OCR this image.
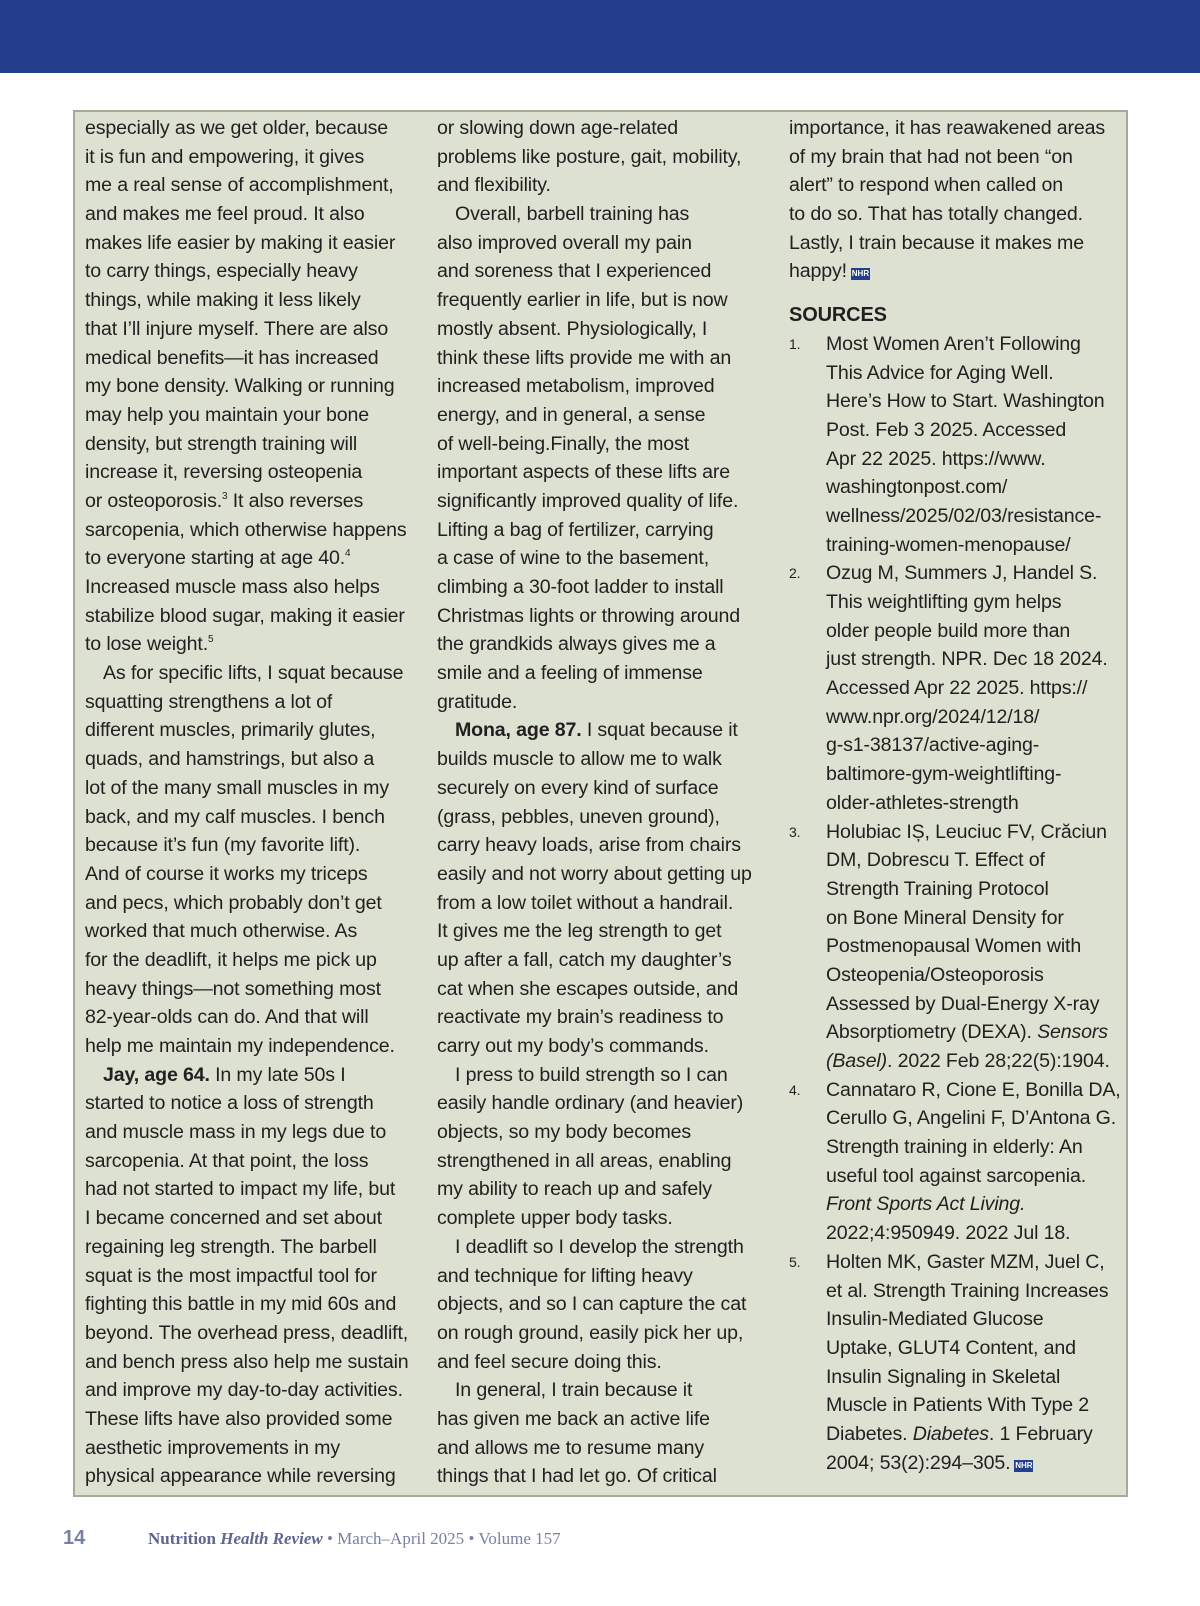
especially as we get older, because
it is fun and empowering, it gives
me a real sense of accomplishment,
and makes me feel proud. It also
makes life easier by making it easier
to carry things, especially heavy
things, while making it less likely
that I’ll injure myself. There are also
medical benefits—it has increased
my bone density. Walking or running
may help you maintain your bone
density, but strength training will
increase it, reversing osteopenia
or osteoporosis.$^3$ It also reverses
sarcopenia, which otherwise happens
to everyone starting at age 40.$^4$
Increased muscle mass also helps
stabilize blood sugar, making it easier
to lose weight.$^5$
As for specific lifts, I squat because
squatting strengthens a lot of
different muscles, primarily glutes,
quads, and hamstrings, but also a
lot of the many small muscles in my
back, and my calf muscles. I bench
because it’s fun (my favorite lift).
And of course it works my triceps
and pecs, which probably don’t get
worked that much otherwise. As
for the deadlift, it helps me pick up
heavy things—not something most
82-year-olds can do. And that will
help me maintain my independence.
Jay, age 64. In my late 50s I
started to notice a loss of strength
and muscle mass in my legs due to
sarcopenia. At that point, the loss
had not started to impact my life, but
I became concerned and set about
regaining leg strength. The barbell
squat is the most impactful tool for
fighting this battle in my mid 60s and
beyond. The overhead press, deadlift,
and bench press also help me sustain
and improve my day-to-day activities.
These lifts have also provided some
aesthetic improvements in my
physical appearance while reversing
or slowing down age-related
problems like posture, gait, mobility,
and flexibility.
Overall, barbell training has
also improved overall my pain
and soreness that I experienced
frequently earlier in life, but is now
mostly absent. Physiologically, I
think these lifts provide me with an
increased metabolism, improved
energy, and in general, a sense
of well-being.Finally, the most
important aspects of these lifts are
significantly improved quality of life.
Lifting a bag of fertilizer, carrying
a case of wine to the basement,
climbing a 30-foot ladder to install
Christmas lights or throwing around
the grandkids always gives me a
smile and a feeling of immense
gratitude.
Mona, age 87. I squat because it
builds muscle to allow me to walk
securely on every kind of surface
(grass, pebbles, uneven ground),
carry heavy loads, arise from chairs
easily and not worry about getting up
from a low toilet without a handrail.
It gives me the leg strength to get
up after a fall, catch my daughter’s
cat when she escapes outside, and
reactivate my brain’s readiness to
carry out my body’s commands.
I press to build strength so I can
easily handle ordinary (and heavier)
objects, so my body becomes
strengthened in all areas, enabling
my ability to reach up and safely
complete upper body tasks.
I deadlift so I develop the strength
and technique for lifting heavy
objects, and so I can capture the cat
on rough ground, easily pick her up,
and feel secure doing this.
In general, I train because it
has given me back an active life
and allows me to resume many
things that I had let go. Of critical
importance, it has reawakened areas
of my brain that had not been “on
alert” to respond when called on
to do so. That has totally changed.
Lastly, I train because it makes me
happy! NHR
SOURCES
1. Most Women Aren’t Following
This Advice for Aging Well.
Here’s How to Start. Washington
Post. Feb 3 2025. Accessed
Apr 22 2025. https://www.
washingtonpost.com/
wellness/2025/02/03/resistance-
training-women-menopause/
2. Ozug M, Summers J, Handel S.
This weightlifting gym helps
older people build more than
just strength. NPR. Dec 18 2024.
Accessed Apr 22 2025. https://
www.npr.org/2024/12/18/
g-s1-38137/active-aging-
baltimore-gym-weightlifting-
older-athletes-strength
3. Holubiac IȘ, Leuciuc FV, Crăciun
DM, Dobrescu T. Effect of
Strength Training Protocol
on Bone Mineral Density for
Postmenopausal Women with
Osteopenia/Osteoporosis
Assessed by Dual-Energy X-ray
Absorptiometry (DEXA). Sensors
(Basel). 2022 Feb 28;22(5):1904.
4. Cannataro R, Cione E, Bonilla DA,
Cerullo G, Angelini F, D’Antona G.
Strength training in elderly: An
useful tool against sarcopenia.
Front Sports Act Living.
2022;4:950949. 2022 Jul 18.
5. Holten MK, Gaster MZM, Juel C,
et al. Strength Training Increases
Insulin-Mediated Glucose
Uptake, GLUT4 Content, and
Insulin Signaling in Skeletal
Muscle in Patients With Type 2
Diabetes. Diabetes. 1 February
2004; 53(2):294–305. NHR
14	Nutrition Health Review • March–April 2025 • Volume 157
